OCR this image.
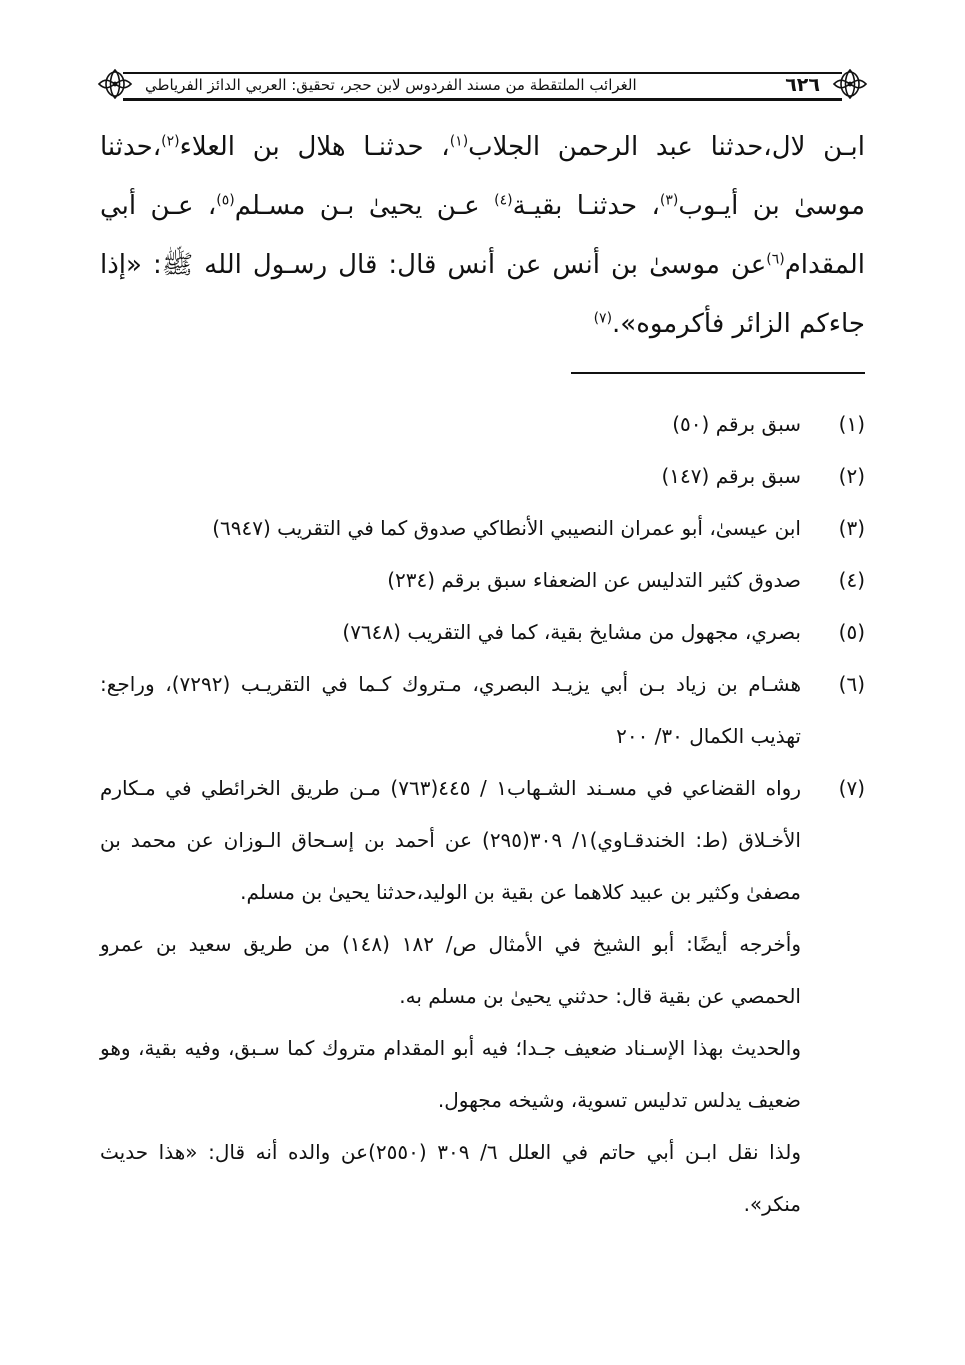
٦٢٦
الغرائب الملتقطة من مسند الفردوس لابن حجر، تحقيق: العربي الدائز الفرياطي
ابـن لال،حدثنا عبد الرحمن الجلاب$^{(١)}$، حدثنـا هلال بن العلاء$^{(٢)}$،حدثنا موسىٰ بن أيـوب$^{(٣)}$، حدثنـا بقيـة$^{(٤)}$ عـن يحيىٰ بـن مسـلم$^{(٥)}$، عـن أبي المقدام$^{(٦)}$عن موسىٰ بن أنس عن أنس قال: قال رسـول الله ﷺ: «إذا جاءكم الزائر فأكرموه».$^{(٧)}$
(١)

سبق برقم (٥٠)

(٢)

سبق برقم (١٤٧)

(٣)

ابن عيسىٰ، أبو عمران النصيبي الأنطاكي صدوق كما في التقريب (٦٩٤٧)

(٤)

صدوق كثير التدليس عن الضعفاء سبق برقم (٢٣٤)

(٥)

بصري، مجهول من مشايخ بقية، كما في التقريب (٧٦٤٨)

(٦)

هشـام بن زياد بـن أبي يزيـد البصري، مـتروك كـما في التقريـب (٧٢٩٢)، وراجع: تهذيب الكمال ٣٠/ ٢٠٠

(٧)

رواه القضاعي في مسـند الشـهاب١ / ٤٤٥(٧٦٣) مـن طريق الخرائطي في مـكارم الأخـلاق (ط: الخندقـاوي)١/ ٣٠٩(٢٩٥) عن أحمد بن إسـحاق الـوزان عن محمد بن مصفىٰ وكثير بن عبيد كلاهما عن بقية بن الوليد،حدثنا يحيىٰ بن مسلم.

وأخرجه أيضًا: أبو الشيخ في الأمثال ص/ ١٨٢ (١٤٨) من طريق سعيد بن عمرو الحمصي عن بقية قال: حدثني يحيىٰ بن مسلم به.

والحديث بهذا الإسـناد ضعيف جـدا؛ فيه أبو المقدام متروك كما سـبق، وفيه بقية، وهو ضعيف يدلس تدليس تسوية، وشيخه مجهول.

ولذا نقل ابـن أبي حاتم في العلل ٦/ ٣٠٩ (٢٥٥٠)عن والده أنه قال: «هذا حديث منكر».
